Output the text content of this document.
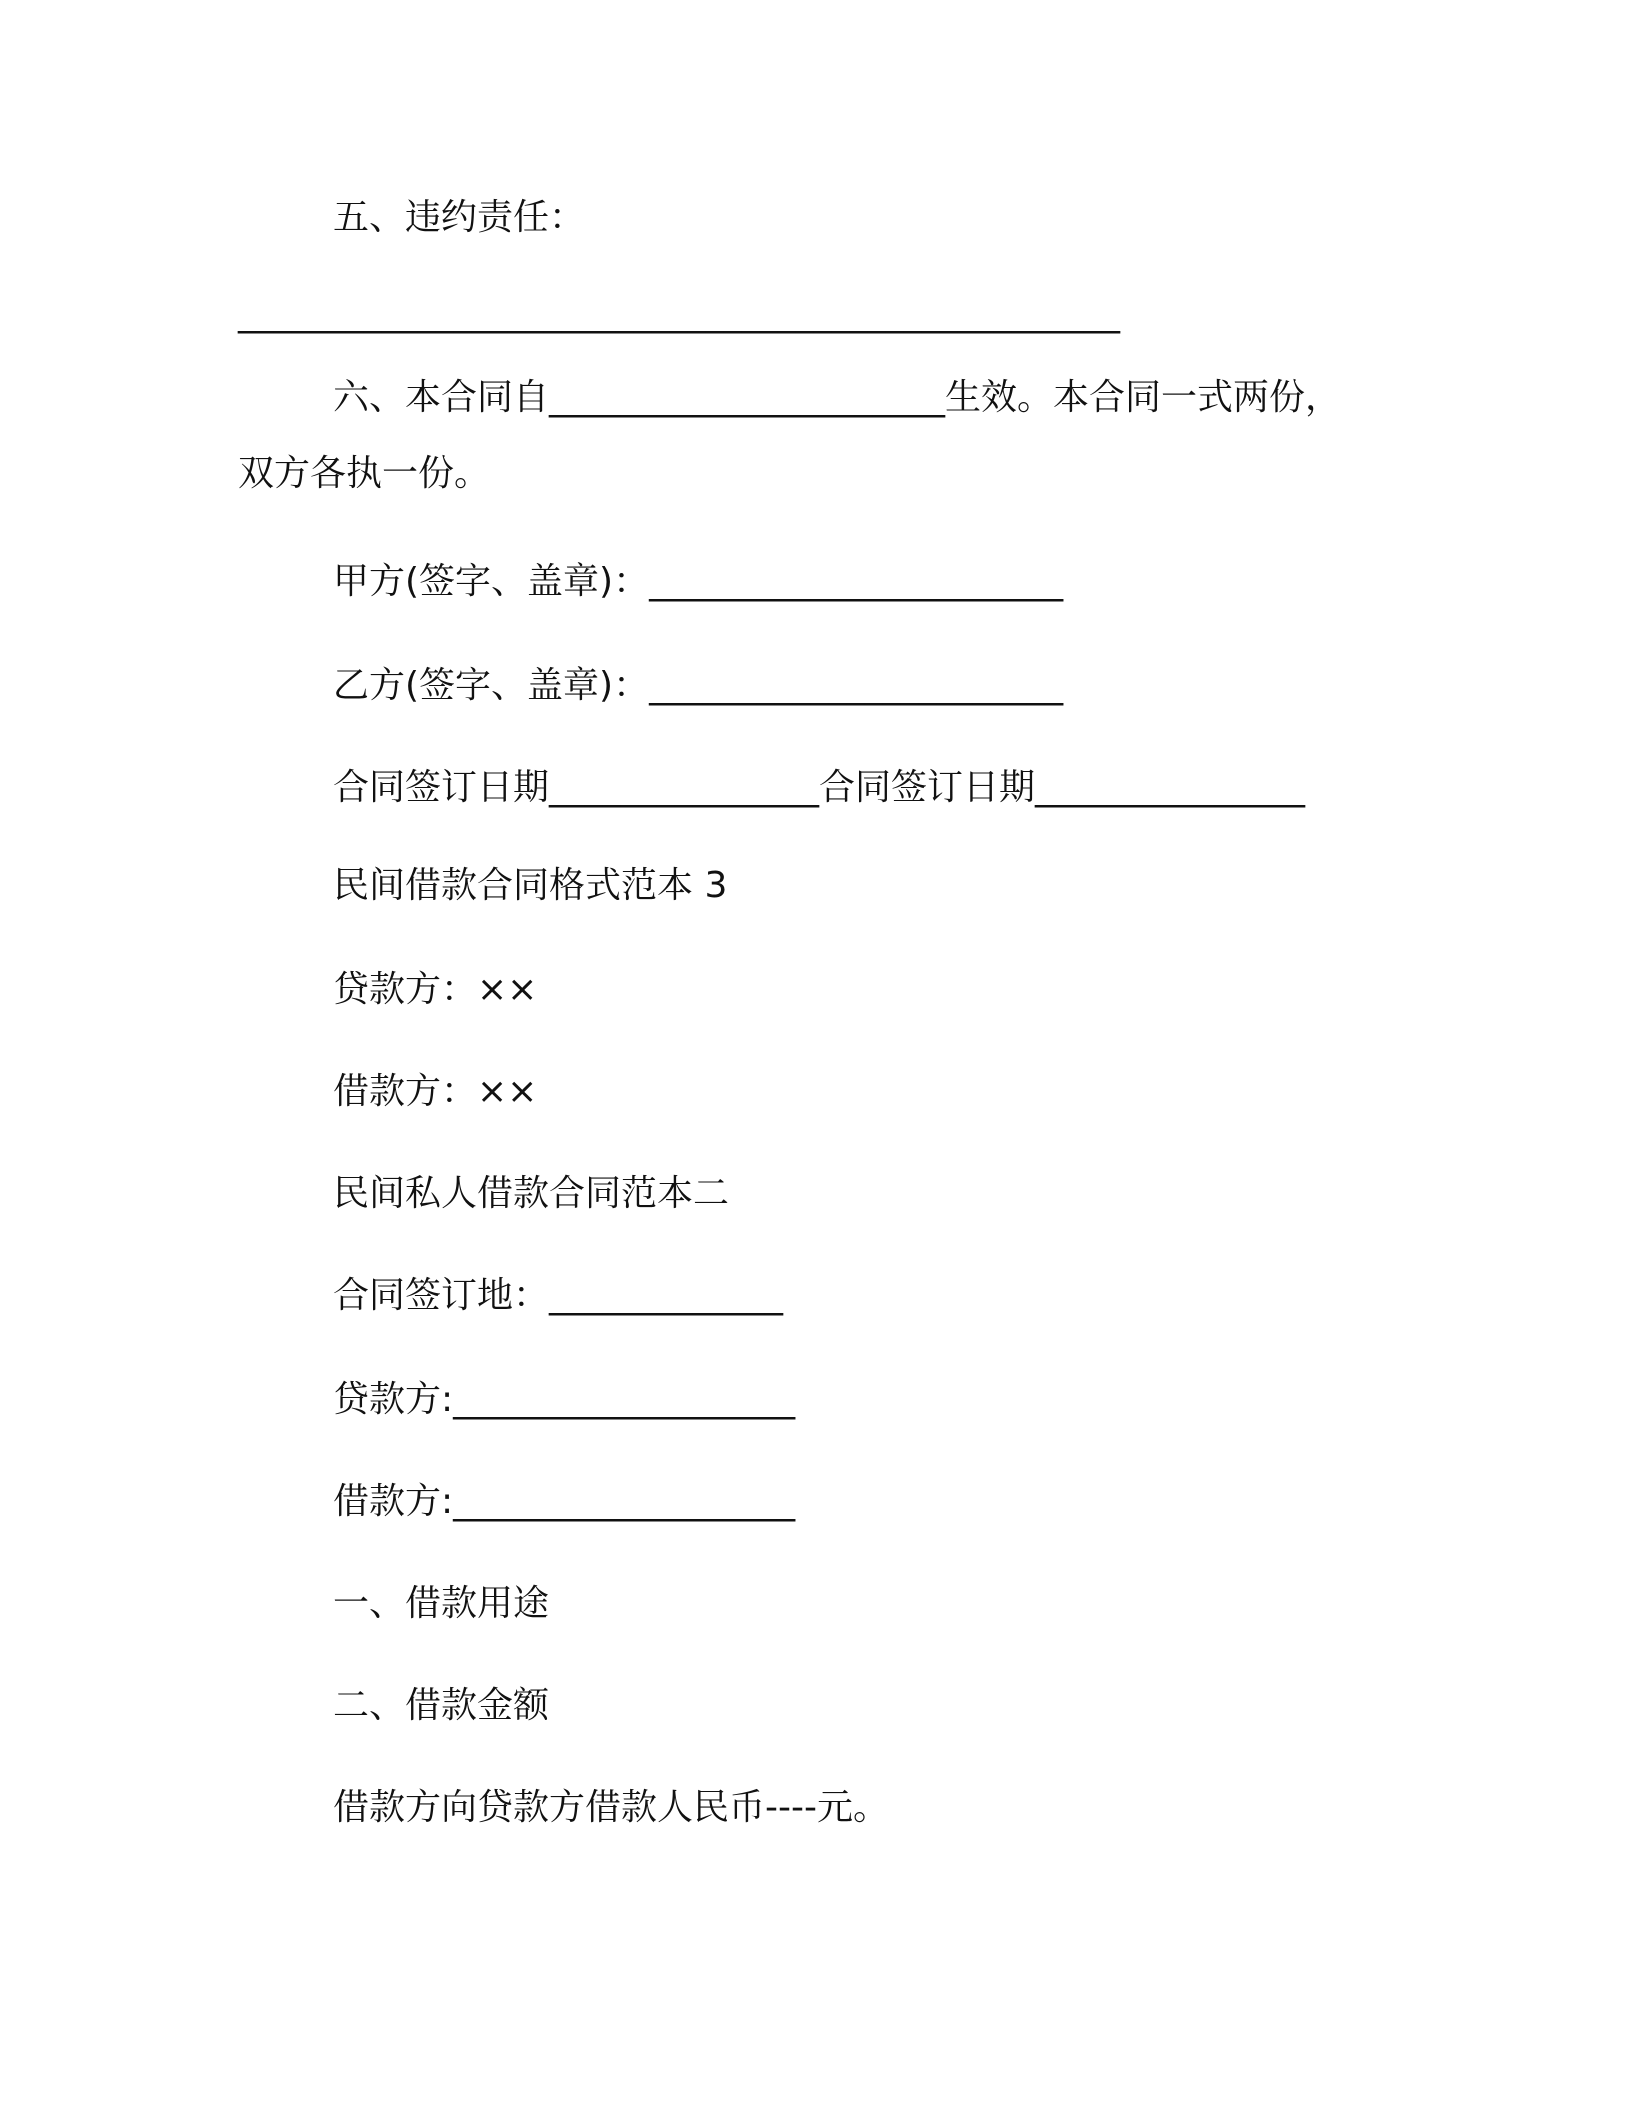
五、违约责任：
_________________________________________________
六、本合同自______________________生效。本合同一式两份，
双方各执一份。
甲方(签字、盖章)：_______________________
乙方(签字、盖章)：_______________________
合同签订日期_______________合同签订日期_______________
民间借款合同格式范本 3
贷款方：××
借款方：××
民间私人借款合同范本二
合同签订地：_____________
贷款方:___________________
借款方:___________________
一、借款用途
二、借款金额
借款方向贷款方借款人民币----元。
